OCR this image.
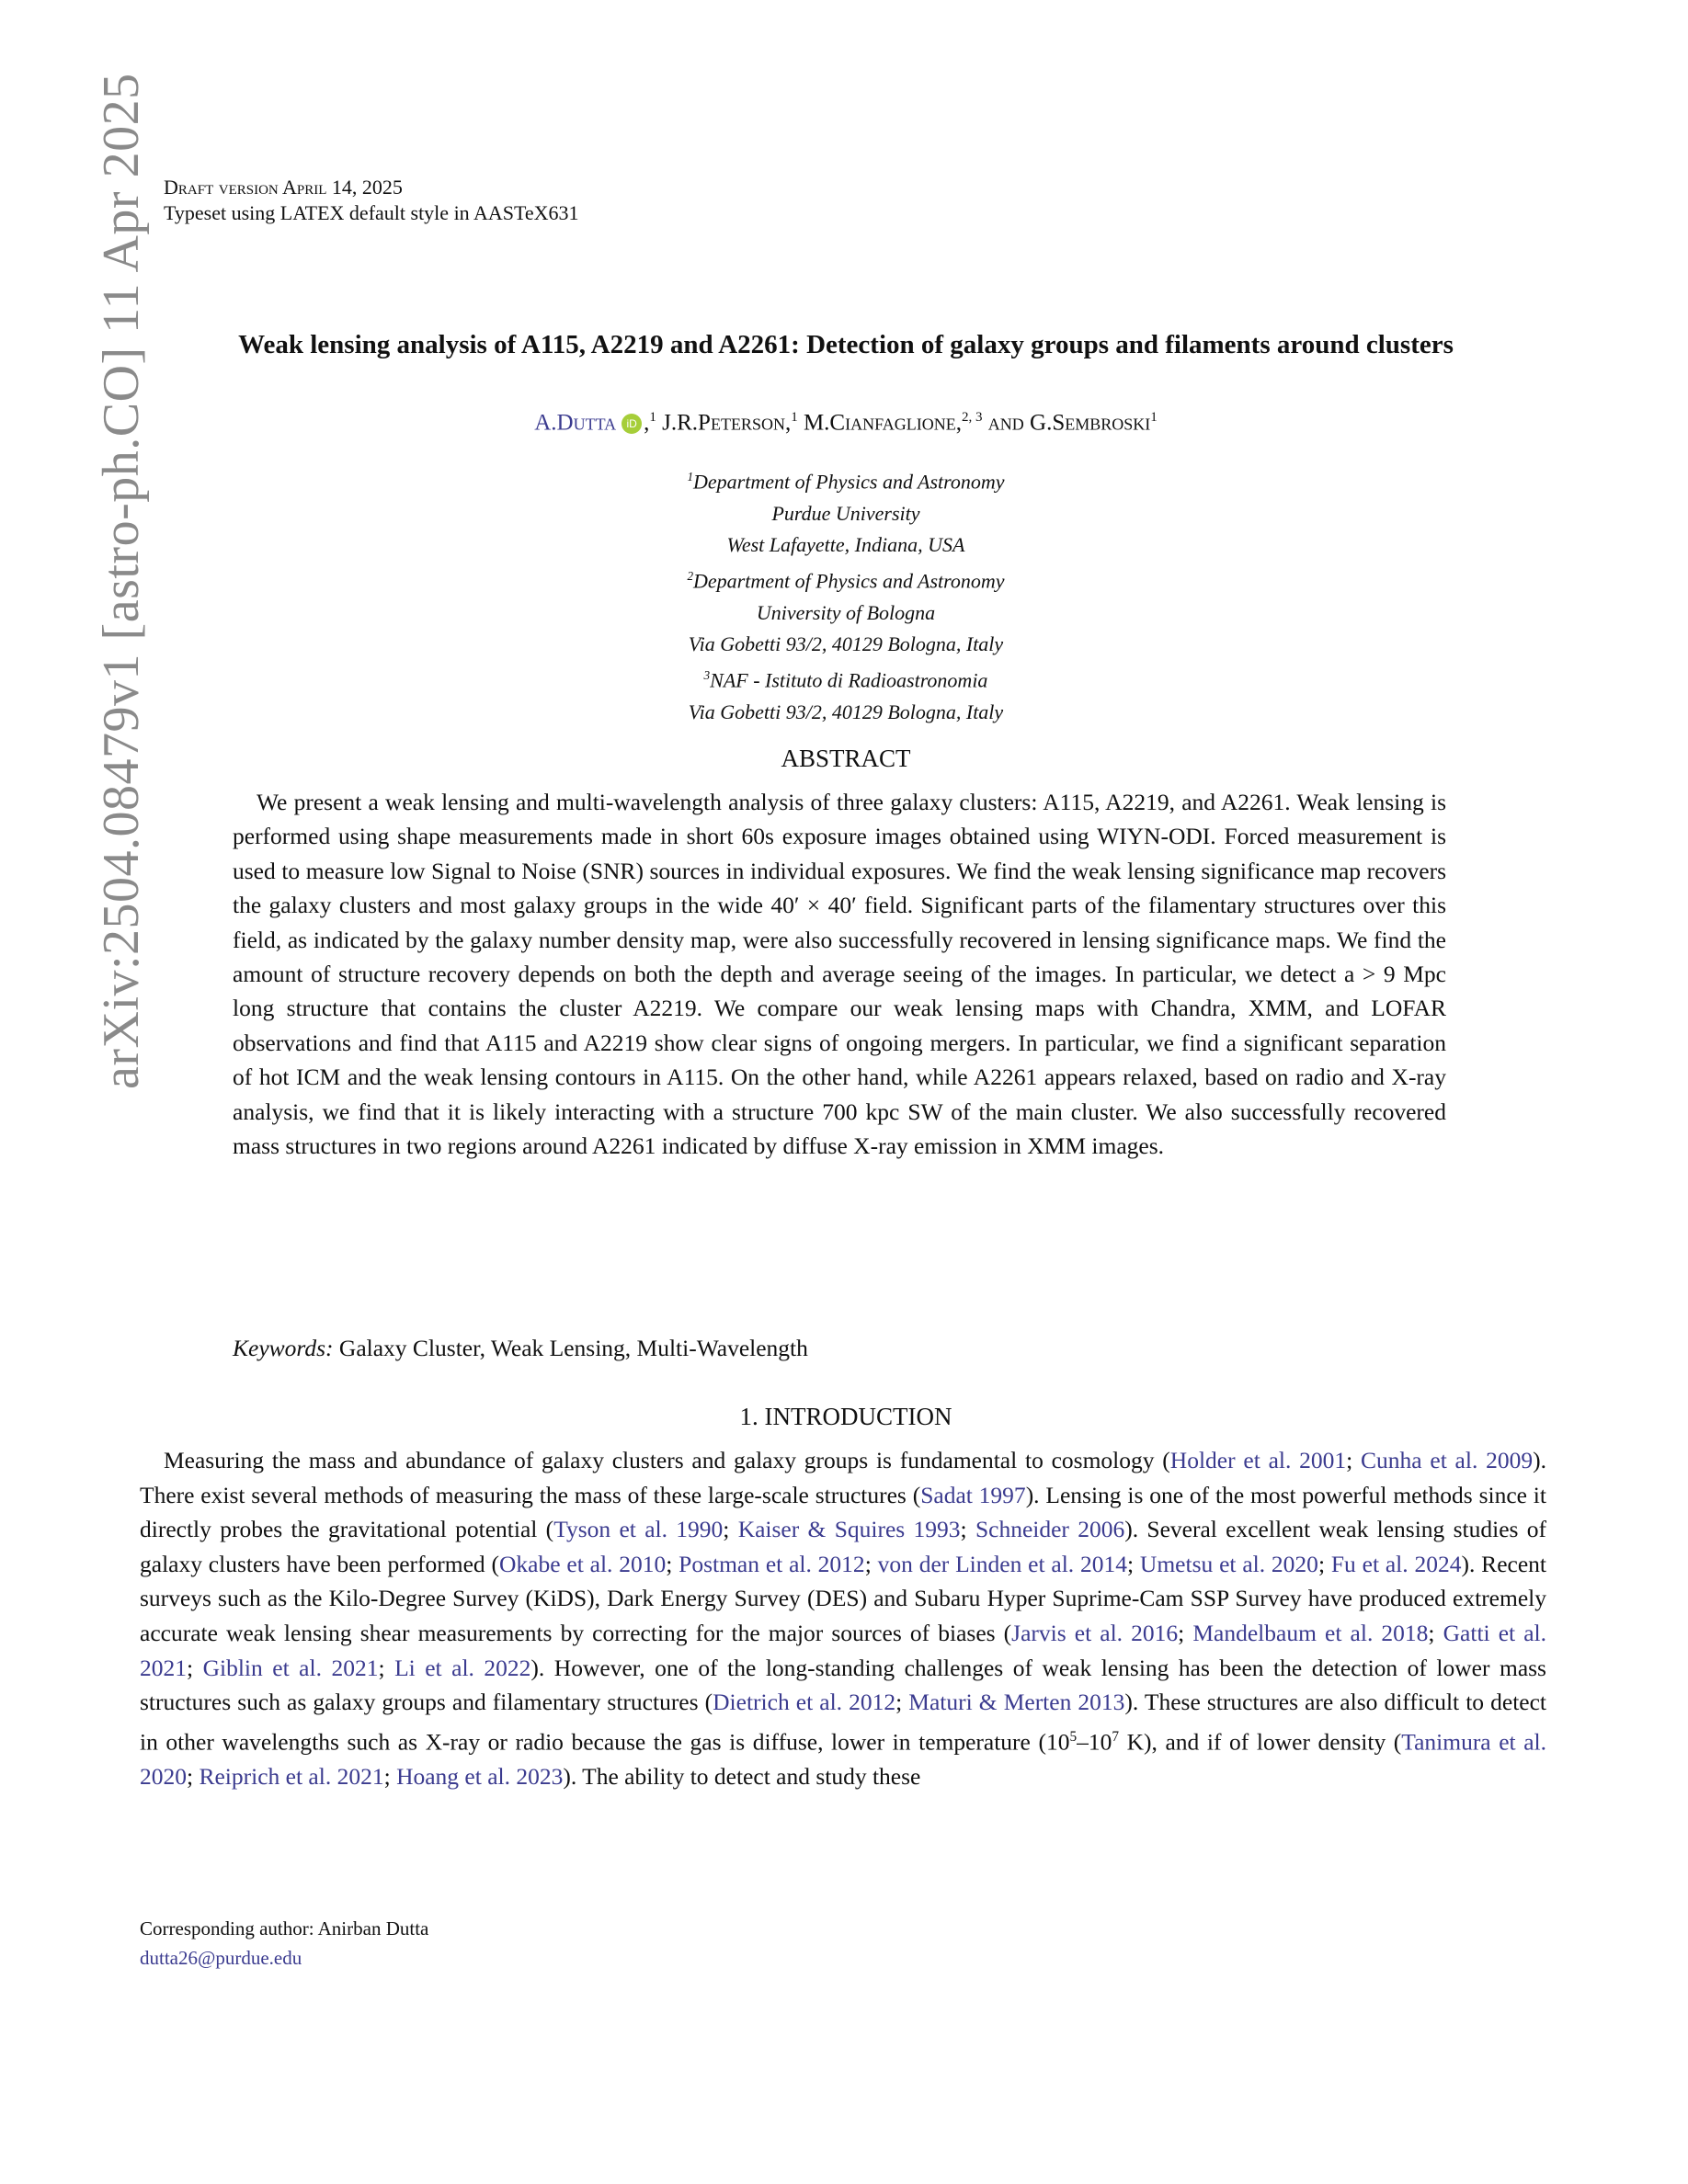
arXiv:2504.08479v1 [astro-ph.CO] 11 Apr 2025 Draft version April 14, 2025
Typeset using LATEX default style in AASTeX631
Weak lensing analysis of A115, A2219 and A2261: Detection of galaxy groups and filaments around clusters
A.Dutta iD ,$^1$ J.R.Peterson,$^1$ M.Cianfaglione,$^{2, 3}$ and G.Sembroski$^1$
$^1$Department of Physics and Astronomy
Purdue University
West Lafayette, Indiana, USA
$^2$Department of Physics and Astronomy
University of Bologna
Via Gobetti 93/2, 40129 Bologna, Italy
$^3$NAF - Istituto di Radioastronomia
Via Gobetti 93/2, 40129 Bologna, Italy
ABSTRACT
We present a weak lensing and multi-wavelength analysis of three galaxy clusters: A115, A2219, and A2261. Weak lensing is performed using shape measurements made in short 60s exposure images obtained using WIYN-ODI. Forced measurement is used to measure low Signal to Noise (SNR) sources in individual exposures. We find the weak lensing significance map recovers the galaxy clusters and most galaxy groups in the wide 40′ × 40′ field. Significant parts of the filamentary structures over this field, as indicated by the galaxy number density map, were also successfully recovered in lensing significance maps. We find the amount of structure recovery depends on both the depth and average seeing of the images. In particular, we detect a > 9 Mpc long structure that contains the cluster A2219. We compare our weak lensing maps with Chandra, XMM, and LOFAR observations and find that A115 and A2219 show clear signs of ongoing mergers. In particular, we find a significant separation of hot ICM and the weak lensing contours in A115. On the other hand, while A2261 appears relaxed, based on radio and X-ray analysis, we find that it is likely interacting with a structure 700 kpc SW of the main cluster. We also successfully recovered mass structures in two regions around A2261 indicated by diffuse X-ray emission in XMM images.
Keywords: Galaxy Cluster, Weak Lensing, Multi-Wavelength
1. INTRODUCTION
Measuring the mass and abundance of galaxy clusters and galaxy groups is fundamental to cosmology (Holder et al. 2001; Cunha et al. 2009). There exist several methods of measuring the mass of these large-scale structures (Sadat 1997). Lensing is one of the most powerful methods since it directly probes the gravitational potential (Tyson et al. 1990; Kaiser & Squires 1993; Schneider 2006). Several excellent weak lensing studies of galaxy clusters have been performed (Okabe et al. 2010; Postman et al. 2012; von der Linden et al. 2014; Umetsu et al. 2020; Fu et al. 2024). Recent surveys such as the Kilo-Degree Survey (KiDS), Dark Energy Survey (DES) and Subaru Hyper Suprime-Cam SSP Survey have produced extremely accurate weak lensing shear measurements by correcting for the major sources of biases (Jarvis et al. 2016; Mandelbaum et al. 2018; Gatti et al. 2021; Giblin et al. 2021; Li et al. 2022). However, one of the long-standing challenges of weak lensing has been the detection of lower mass structures such as galaxy groups and filamentary structures (Dietrich et al. 2012; Maturi & Merten 2013). These structures are also difficult to detect in other wavelengths such as X-ray or radio because the gas is diffuse, lower in temperature ($10^5-10^7$ K), and if of lower density (Tanimura et al. 2020; Reiprich et al. 2021; Hoang et al. 2023). The ability to detect and study these
Corresponding author: Anirban Dutta
dutta26@purdue.edu
